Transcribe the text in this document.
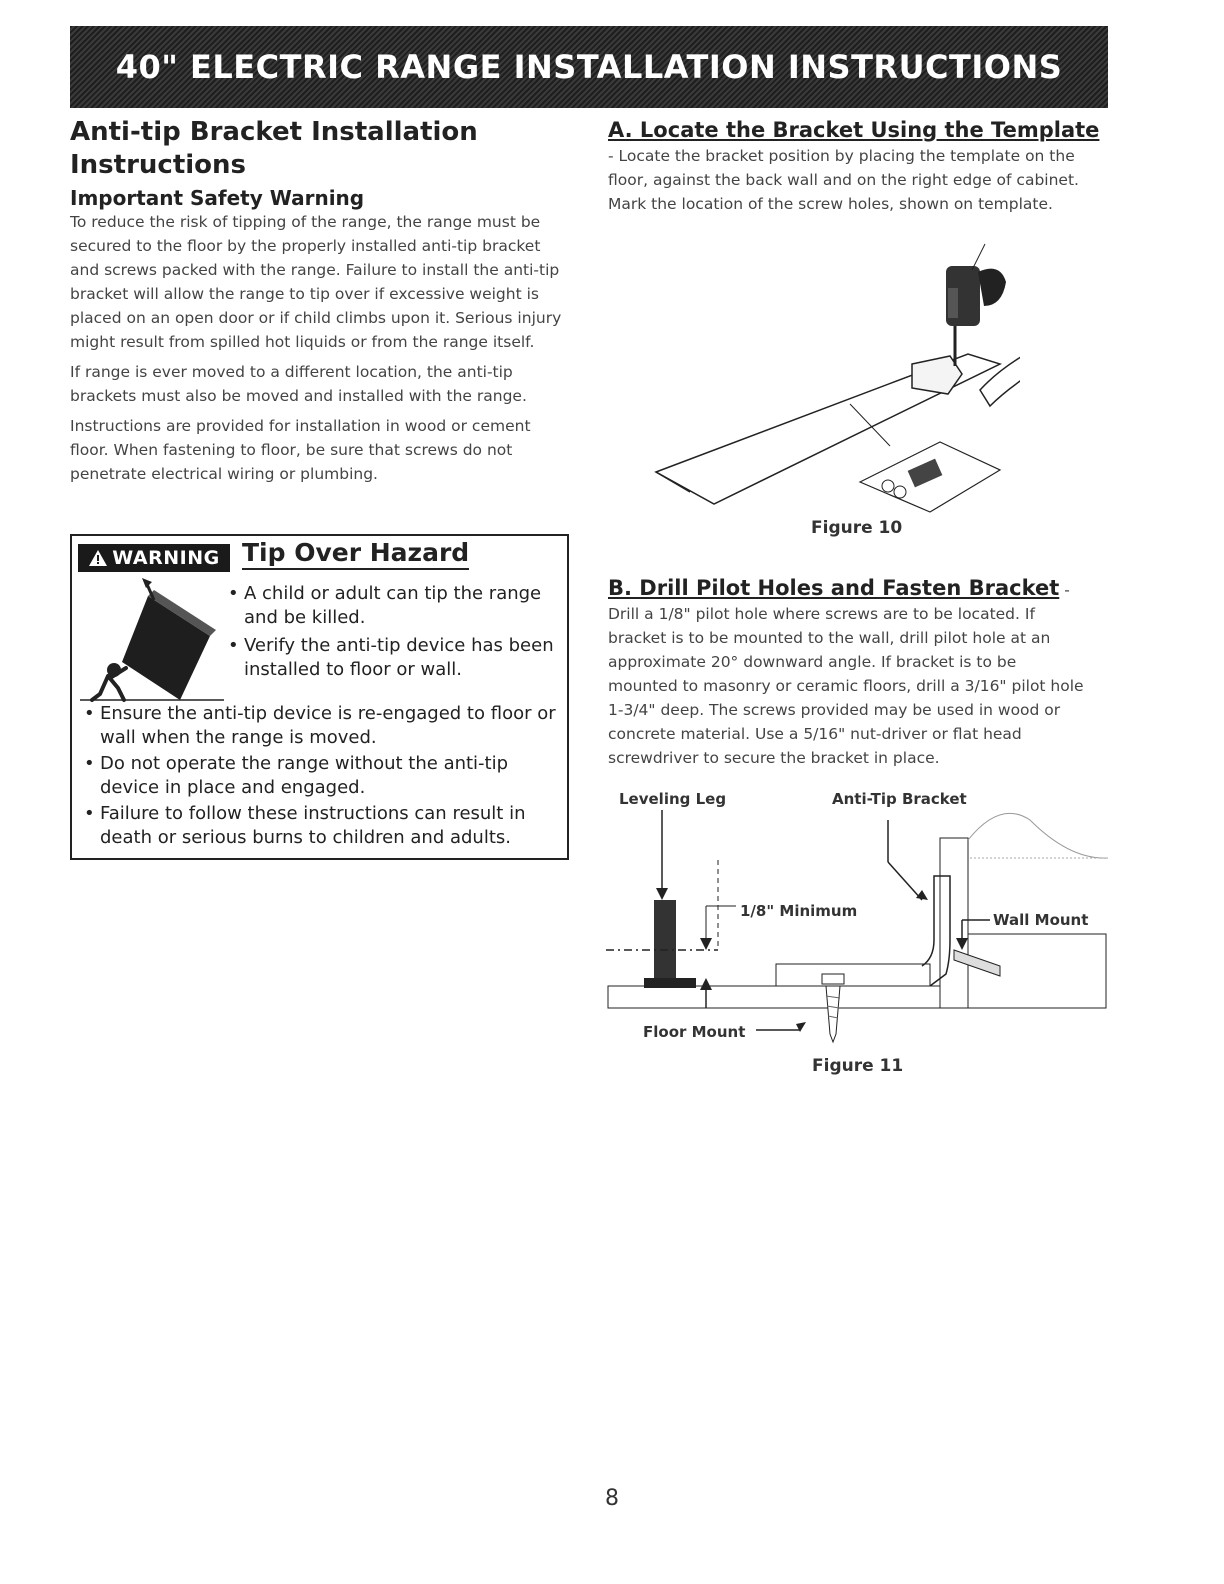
40" ELECTRIC RANGE INSTALLATION INSTRUCTIONS
Anti-tip Bracket Installation Instructions
Important Safety Warning

To reduce the risk of tipping of the range, the range must be secured to the floor by the properly installed anti-tip bracket and screws packed with the range. Failure to install the anti-tip bracket will allow the range to tip over if excessive weight is placed on an open door or if child climbs upon it. Serious injury might result from spilled hot liquids or from the range itself.

If range is ever moved to a different location, the anti-tip brackets must also be moved and installed with the range.

Instructions are provided for installation in wood or cement floor. When fastening to floor, be sure that screws do not penetrate electrical wiring or plumbing.

WARNING Tip Over Hazard
• A child or adult can tip the range and be killed.
• Verify the anti-tip device has been installed to floor or wall.
• Ensure the anti-tip device is re-engaged to floor or wall when the range is moved.
• Do not operate the range without the anti-tip device in place and engaged.
• Failure to follow these instructions can result in death or serious burns to children and adults.
A. Locate the Bracket Using the Template
- Locate the bracket position by placing the template on the floor, against the back wall and on the right edge of cabinet. Mark the location of the screw holes, shown on template.
Figure 10
B. Drill Pilot Holes and Fasten Bracket - Drill a 1/8" pilot hole where screws are to be located. If bracket is to be mounted to the wall, drill pilot hole at an approximate 20° downward angle. If bracket is to be mounted to masonry or ceramic floors, drill a 3/16" pilot hole 1-3/4" deep. The screws provided may be used in wood or concrete material. Use a 5/16" nut-driver or flat head screwdriver to secure the bracket in place.
Leveling Leg	Anti-Tip Bracket
1/8" Minimum	Wall Mount
Floor Mount
Figure 11
8
